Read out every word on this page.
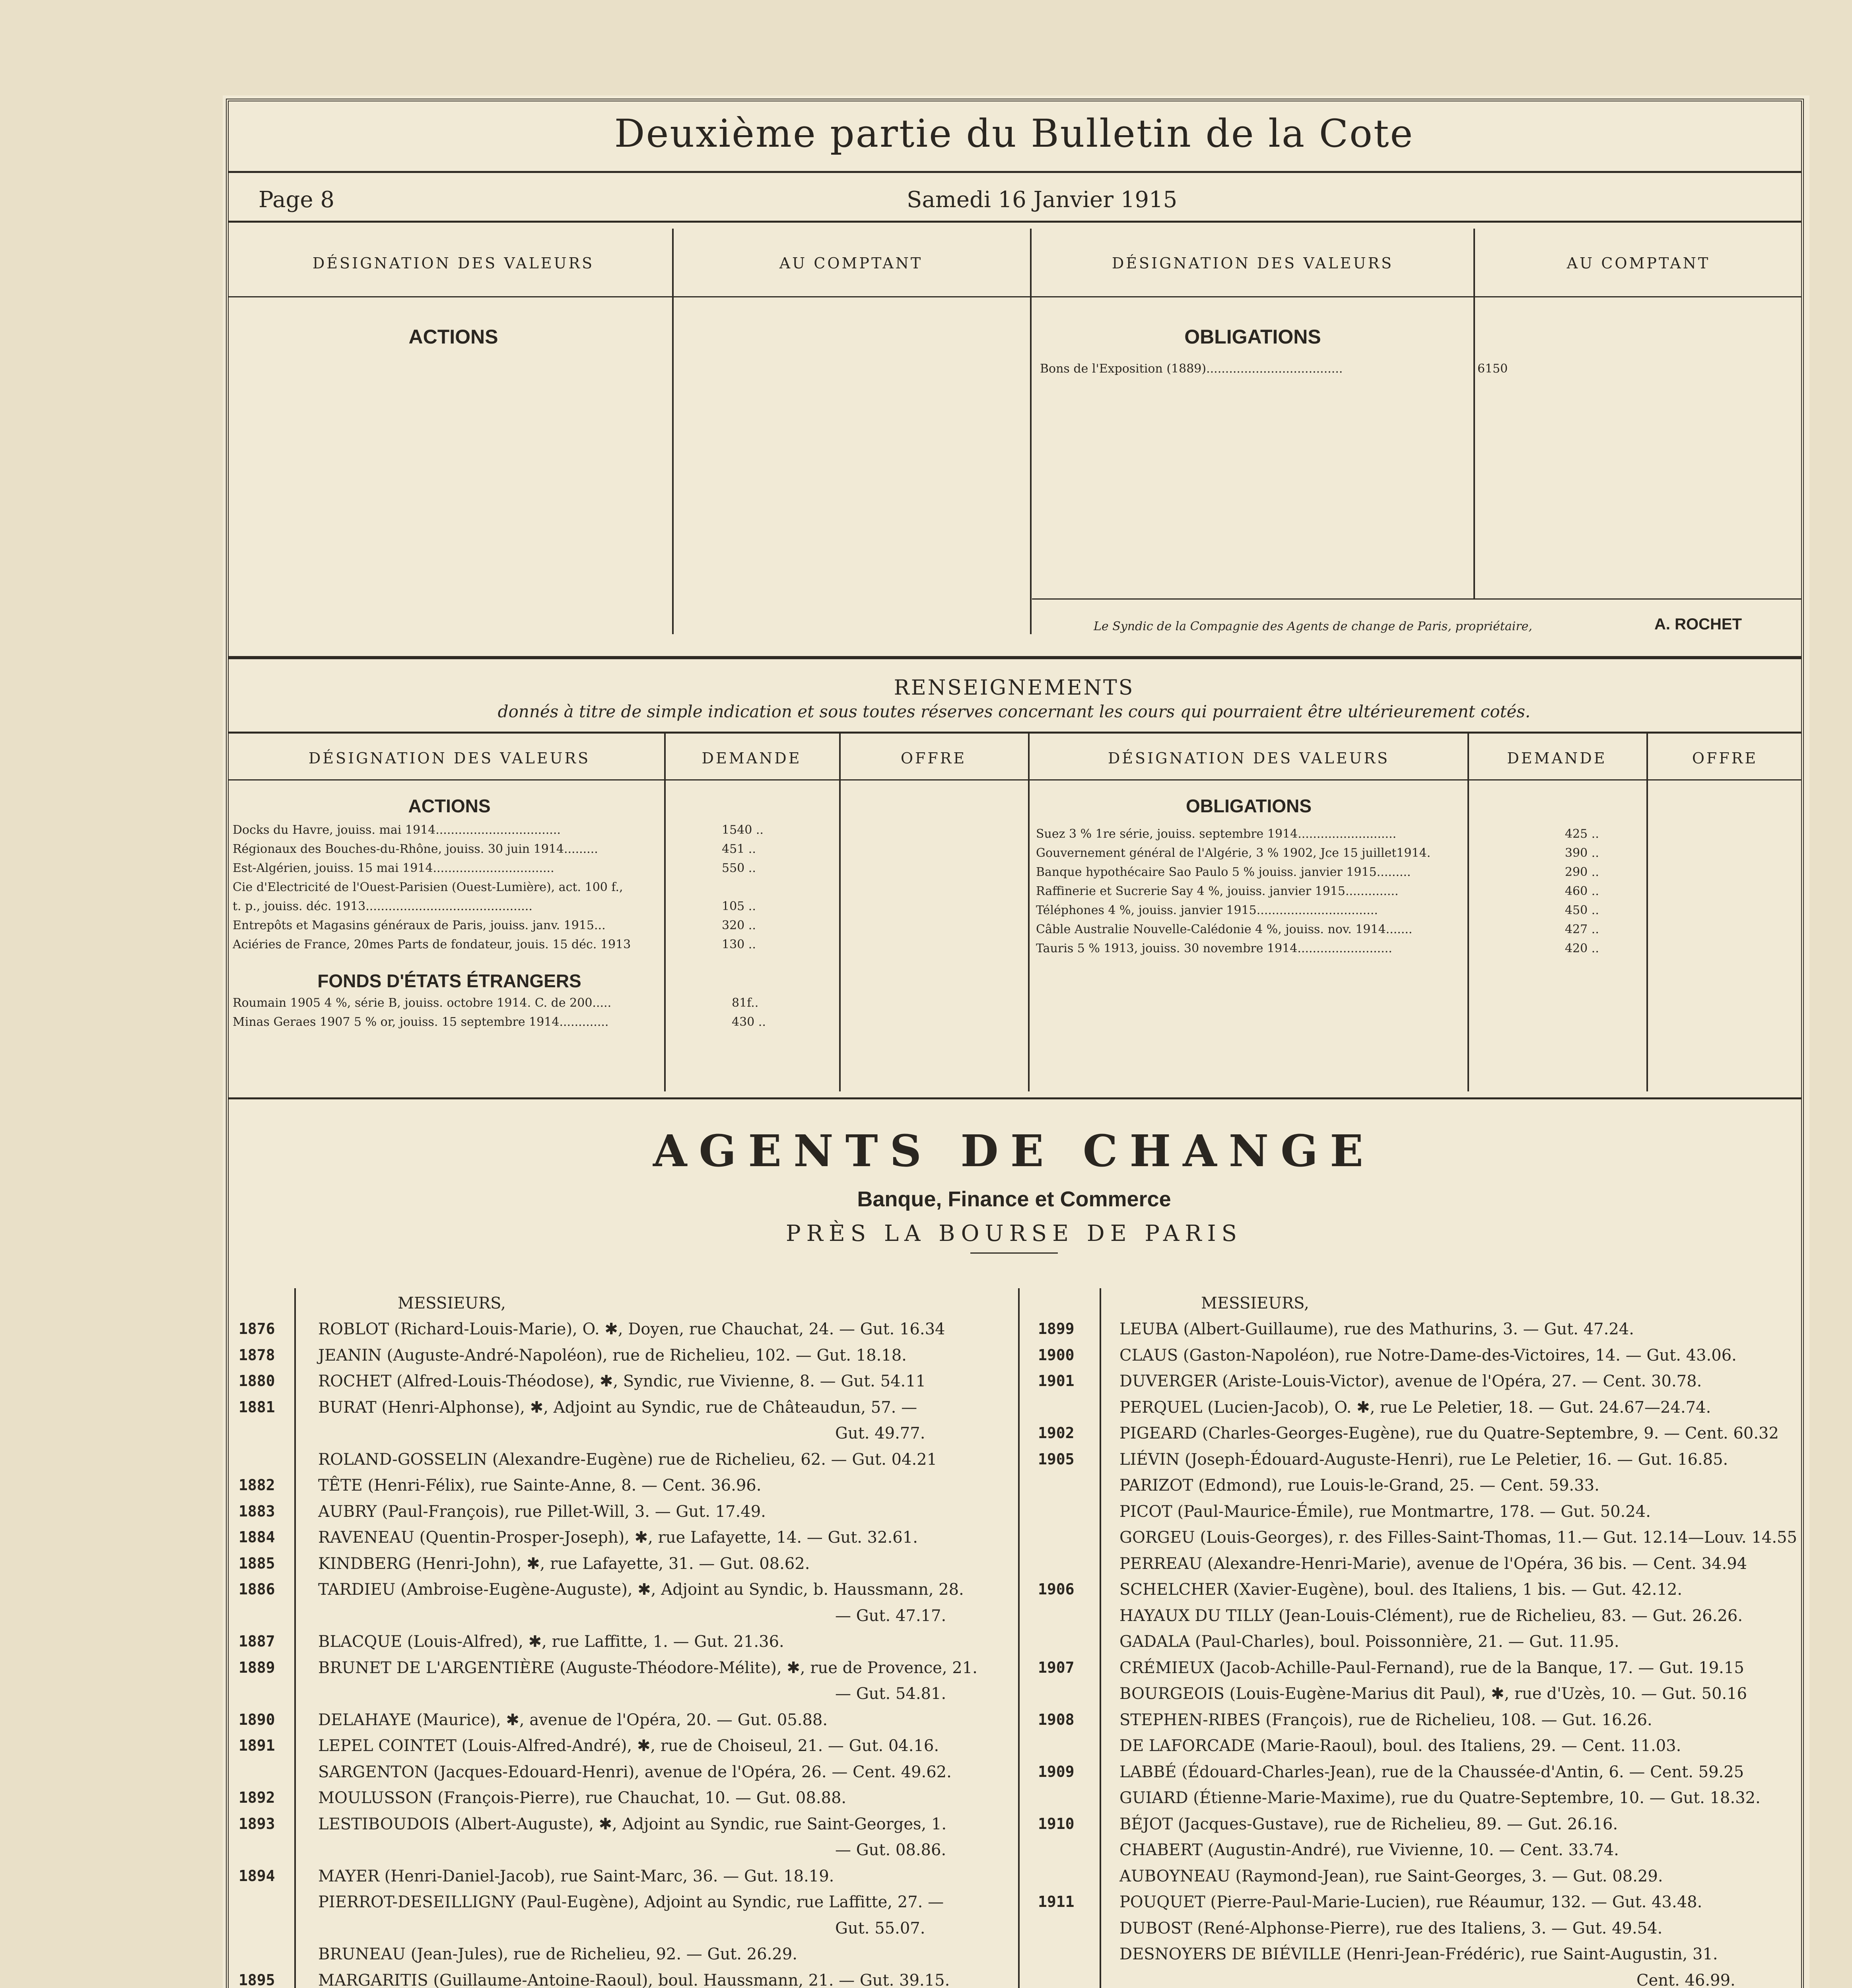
Deuxième partie du Bulletin de la Cote
Page 8	Samedi 16 Janvier 1915
DÉSIGNATION DES VALEURS	AU COMPTANT	DÉSIGNATION DES VALEURS	AU COMPTANT
ACTIONS	OBLIGATIONS
Bons de l'Exposition (1889)....................................	6150
Le Syndic de la Compagnie des Agents de change de Paris, propriétaire,	A. ROCHET
RENSEIGNEMENTS
donnés à titre de simple indication et sous toutes réserves concernant les cours qui pourraient être ultérieurement cotés.
DÉSIGNATION DES VALEURS	DEMANDE	OFFRE	DÉSIGNATION DES VALEURS	DEMANDE	OFFRE
ACTIONS
Docks du Havre, jouiss. mai 1914.................................	1540 ..
Régionaux des Bouches-du-Rhône, jouiss. 30 juin 1914.........	451 ..
Est-Algérien, jouiss. 15 mai 1914................................	550 ..
Cie d'Electricité de l'Ouest-Parisien (Ouest-Lumière), act. 100 f.,
t. p., jouiss. déc. 1913............................................	105 ..
Entrepôts et Magasins généraux de Paris, jouiss. janv. 1915...	320 ..
Aciéries de France, 20mes Parts de fondateur, jouis. 15 déc. 1913	130 ..
FONDS D'ÉTATS ÉTRANGERS
Roumain 1905 4 %, série B, jouiss. octobre 1914. C. de 200.....	81f..
Minas Geraes 1907 5 % or, jouiss. 15 septembre 1914.............	430 ..
OBLIGATIONS
Suez 3 % 1re série, jouiss. septembre 1914..........................	425 ..
Gouvernement général de l'Algérie, 3 % 1902, Jce 15 juillet1914.	390 ..
Banque hypothécaire Sao Paulo 5 % jouiss. janvier 1915.........	290 ..
Raffinerie et Sucrerie Say 4 %, jouiss. janvier 1915..............	460 ..
Téléphones 4 %, jouiss. janvier 1915................................	450 ..
Câble Australie Nouvelle-Calédonie 4 %, jouiss. nov. 1914.......	427 ..
Tauris 5 % 1913, jouiss. 30 novembre 1914.........................	420 ..
AGENTS DE CHANGE
Banque, Finance et Commerce
PRÈS LA BOURSE DE PARIS
MESSIEURS,	MESSIEURS,
1876	ROBLOT (Richard-Louis-Marie), O. ✱, Doyen, rue Chauchat, 24. — Gut. 16.34
1878	JEANIN (Auguste-André-Napoléon), rue de Richelieu, 102. — Gut. 18.18.
1880	ROCHET (Alfred-Louis-Théodose), ✱, Syndic, rue Vivienne, 8. — Gut. 54.11
1881	BURAT (Henri-Alphonse), ✱, Adjoint au Syndic, rue de Châteaudun, 57. —
Gut. 49.77.
ROLAND-GOSSELIN (Alexandre-Eugène) rue de Richelieu, 62. — Gut. 04.21
1882	TÊTE (Henri-Félix), rue Sainte-Anne, 8. — Cent. 36.96.
1883	AUBRY (Paul-François), rue Pillet-Will, 3. — Gut. 17.49.
1884	RAVENEAU (Quentin-Prosper-Joseph), ✱, rue Lafayette, 14. — Gut. 32.61.
1885	KINDBERG (Henri-John), ✱, rue Lafayette, 31. — Gut. 08.62.
1886	TARDIEU (Ambroise-Eugène-Auguste), ✱, Adjoint au Syndic, b. Haussmann, 28.
— Gut. 47.17.
1887	BLACQUE (Louis-Alfred), ✱, rue Laffitte, 1. — Gut. 21.36.
1889	BRUNET DE L'ARGENTIÈRE (Auguste-Théodore-Mélite), ✱, rue de Provence, 21.
— Gut. 54.81.
1890	DELAHAYE (Maurice), ✱, avenue de l'Opéra, 20. — Gut. 05.88.
1891	LEPEL COINTET (Louis-Alfred-André), ✱, rue de Choiseul, 21. — Gut. 04.16.
SARGENTON (Jacques-Edouard-Henri), avenue de l'Opéra, 26. — Cent. 49.62.
1892	MOULUSSON (François-Pierre), rue Chauchat, 10. — Gut. 08.88.
1893	LESTIBOUDOIS (Albert-Auguste), ✱, Adjoint au Syndic, rue Saint-Georges, 1.
— Gut. 08.86.
1894	MAYER (Henri-Daniel-Jacob), rue Saint-Marc, 36. — Gut. 18.19.
PIERROT-DESEILLIGNY (Paul-Eugène), Adjoint au Syndic, rue Laffitte, 27. —
Gut. 55.07.
BRUNEAU (Jean-Jules), rue de Richelieu, 92. — Gut. 26.29.
1895	MARGARITIS (Guillaume-Antoine-Raoul), boul. Haussmann, 21. — Gut. 39.15.
1899	LEUBA (Albert-Guillaume), rue des Mathurins, 3. — Gut. 47.24.
1900	CLAUS (Gaston-Napoléon), rue Notre-Dame-des-Victoires, 14. — Gut. 43.06.
1901	DUVERGER (Ariste-Louis-Victor), avenue de l'Opéra, 27. — Cent. 30.78.
PERQUEL (Lucien-Jacob), O. ✱, rue Le Peletier, 18. — Gut. 24.67—24.74.
1902	PIGEARD (Charles-Georges-Eugène), rue du Quatre-Septembre, 9. — Cent. 60.32
1905	LIÉVIN (Joseph-Édouard-Auguste-Henri), rue Le Peletier, 16. — Gut. 16.85.
PARIZOT (Edmond), rue Louis-le-Grand, 25. — Cent. 59.33.
PICOT (Paul-Maurice-Émile), rue Montmartre, 178. — Gut. 50.24.
GORGEU (Louis-Georges), r. des Filles-Saint-Thomas, 11.— Gut. 12.14—Louv. 14.55
PERREAU (Alexandre-Henri-Marie), avenue de l'Opéra, 36 bis. — Cent. 34.94
1906	SCHELCHER (Xavier-Eugène), boul. des Italiens, 1 bis. — Gut. 42.12.
HAYAUX DU TILLY (Jean-Louis-Clément), rue de Richelieu, 83. — Gut. 26.26.
GADALA (Paul-Charles), boul. Poissonnière, 21. — Gut. 11.95.
1907	CRÉMIEUX (Jacob-Achille-Paul-Fernand), rue de la Banque, 17. — Gut. 19.15
BOURGEOIS (Louis-Eugène-Marius dit Paul), ✱, rue d'Uzès, 10. — Gut. 50.16
1908	STEPHEN-RIBES (François), rue de Richelieu, 108. — Gut. 16.26.
DE LAFORCADE (Marie-Raoul), boul. des Italiens, 29. — Cent. 11.03.
1909	LABBÉ (Édouard-Charles-Jean), rue de la Chaussée-d'Antin, 6. — Cent. 59.25
GUIARD (Étienne-Marie-Maxime), rue du Quatre-Septembre, 10. — Gut. 18.32.
1910	BÉJOT (Jacques-Gustave), rue de Richelieu, 89. — Gut. 26.16.
CHABERT (Augustin-André), rue Vivienne, 10. — Cent. 33.74.
AUBOYNEAU (Raymond-Jean), rue Saint-Georges, 3. — Gut. 08.29.
1911	POUQUET (Pierre-Paul-Marie-Lucien), rue Réaumur, 132. — Gut. 43.48.
DUBOST (René-Alphonse-Pierre), rue des Italiens, 3. — Gut. 49.54.
DESNOYERS DE BIÉVILLE (Henri-Jean-Frédéric), rue Saint-Augustin, 31.
Cent. 46.99.
